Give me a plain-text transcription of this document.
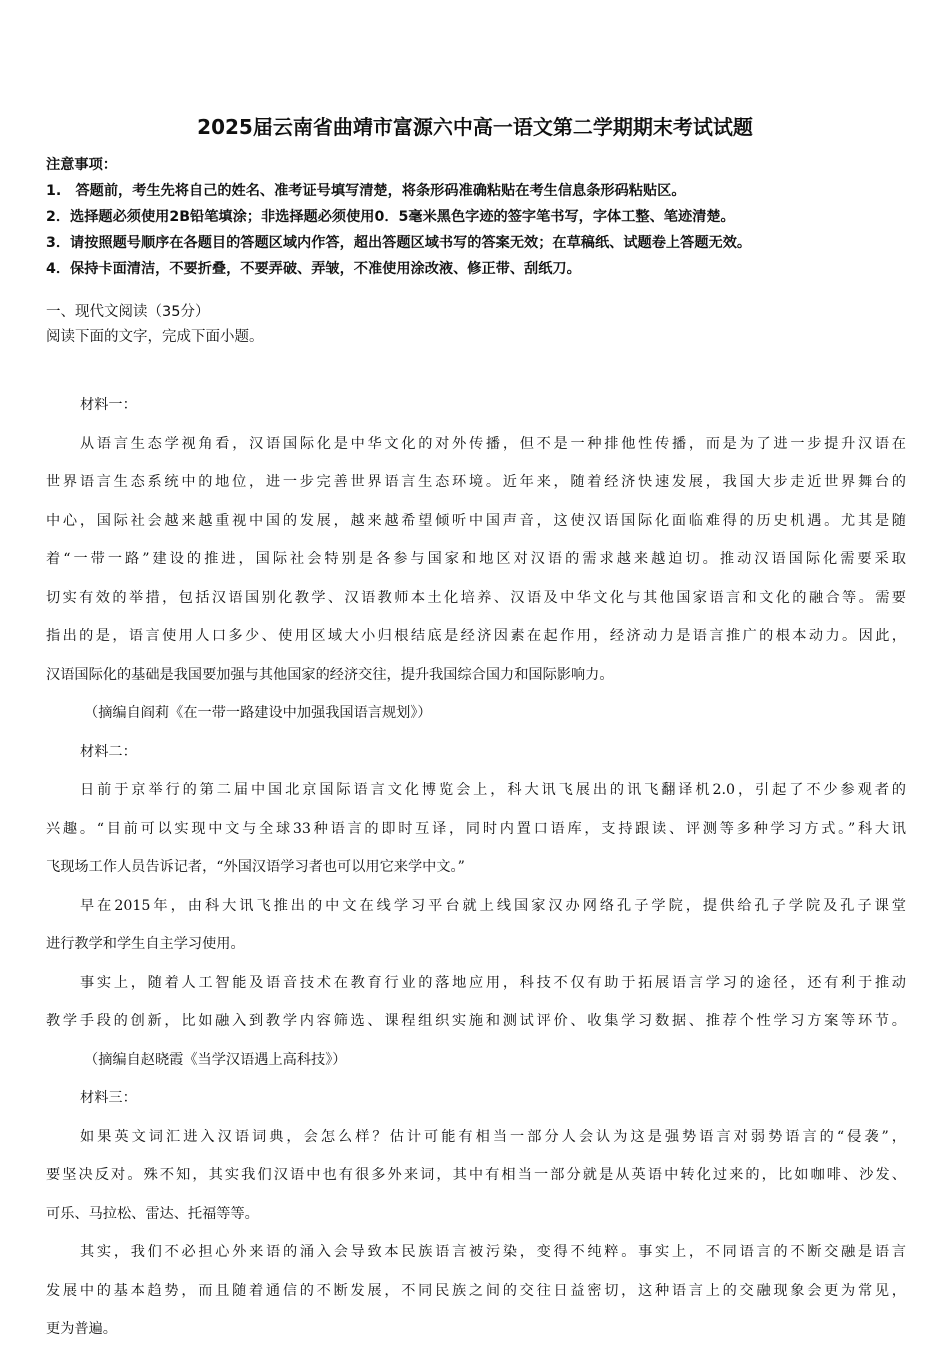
2025届云南省曲靖市富源六中高一语文第二学期期末考试试题
注意事项：
1.　答题前，考生先将自己的姓名、准考证号填写清楚，将条形码准确粘贴在考生信息条形码粘贴区。
2．选择题必须使用2B铅笔填涂；非选择题必须使用0．5毫米黑色字迹的签字笔书写，字体工整、笔迹清楚。
3．请按照题号顺序在各题目的答题区域内作答，超出答题区域书写的答案无效；在草稿纸、试题卷上答题无效。
4．保持卡面清洁，不要折叠，不要弄破、弄皱，不准使用涂改液、修正带、刮纸刀。
一、现代文阅读（35分）
阅读下面的文字，完成下面小题。
材料一：
从语言生态学视角看，汉语国际化是中华文化的对外传播，但不是一种排他性传播，而是为了进一步提升汉语在
世界语言生态系统中的地位，进一步完善世界语言生态环境。近年来，随着经济快速发展，我国大步走近世界舞台的
中心，国际社会越来越重视中国的发展，越来越希望倾听中国声音，这使汉语国际化面临难得的历史机遇。尤其是随
着“一带一路”建设的推进，国际社会特别是各参与国家和地区对汉语的需求越来越迫切。推动汉语国际化需要采取
切实有效的举措，包括汉语国别化教学、汉语教师本土化培养、汉语及中华文化与其他国家语言和文化的融合等。需要
指出的是，语言使用人口多少、使用区域大小归根结底是经济因素在起作用，经济动力是语言推广的根本动力。因此，
汉语国际化的基础是我国要加强与其他国家的经济交往，提升我国综合国力和国际影响力。
（摘编自阎莉《在一带一路建设中加强我国语言规划》）
材料二：
日前于京举行的第二届中国北京国际语言文化博览会上，科大讯飞展出的讯飞翻译机2.0，引起了不少参观者的
兴趣。“目前可以实现中文与全球33种语言的即时互译，同时内置口语库，支持跟读、评测等多种学习方式。”科大讯
飞现场工作人员告诉记者，“外国汉语学习者也可以用它来学中文。”
早在2015年，由科大讯飞推出的中文在线学习平台就上线国家汉办网络孔子学院，提供给孔子学院及孔子课堂
进行教学和学生自主学习使用。
事实上，随着人工智能及语音技术在教育行业的落地应用，科技不仅有助于拓展语言学习的途径，还有利于推动
教学手段的创新，比如融入到教学内容筛选、课程组织实施和测试评价、收集学习数据、推荐个性学习方案等环节。
（摘编自赵晓霞《当学汉语遇上高科技》）
材料三：
如果英文词汇进入汉语词典，会怎么样？估计可能有相当一部分人会认为这是强势语言对弱势语言的“侵袭”，
要坚决反对。殊不知，其实我们汉语中也有很多外来词，其中有相当一部分就是从英语中转化过来的，比如咖啡、沙发、
可乐、马拉松、雷达、托福等等。
其实，我们不必担心外来语的涌入会导致本民族语言被污染，变得不纯粹。事实上，不同语言的不断交融是语言
发展中的基本趋势，而且随着通信的不断发展，不同民族之间的交往日益密切，这种语言上的交融现象会更为常见，
更为普遍。
